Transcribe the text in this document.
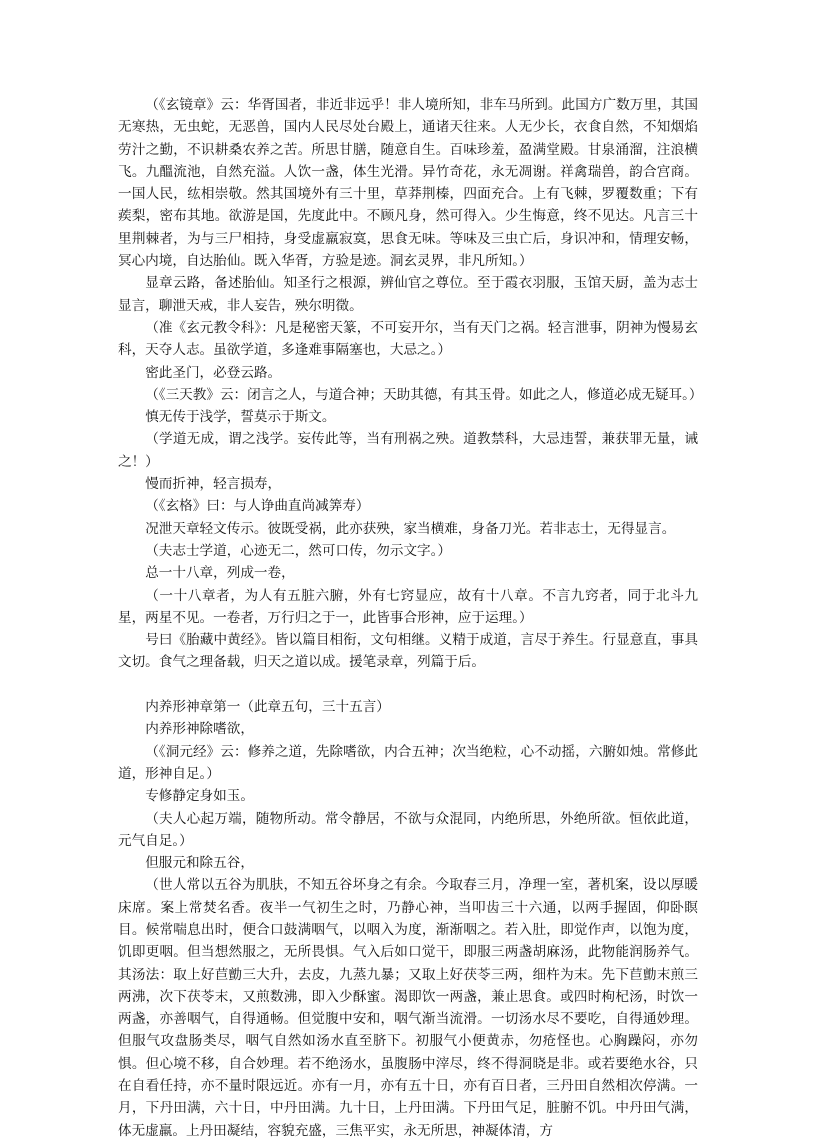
（《玄镜章》云：华胥国者，非近非远乎！非人境所知，非车马所到。此国方广数万里，其国无寒热，无虫蛇，无恶兽，国内人民尽处台殿上，通诸天往来。人无少长，衣食自然，不知烟焰劳汁之勤，不识耕桑农养之苦。所思甘膳，随意自生。百味珍羞，盈满堂殿。甘泉涌溜，注浪横飞。九醞流池，自然充溢。人饮一盏，体生光滑。异竹奇花，永无凋谢。祥禽瑞兽，韵合宫商。一国人民，纮相崇敬。然其国境外有三十里，草莽荆榛，四面充合。上有飞棘，罗覆数重；下有蒺梨，密布其地。欲游是国，先度此中。不顾凡身，然可得入。少生悔意，终不见达。凡言三十里荆棘者，为与三尸相持，身受虚羸寂寞，思食无味。等味及三虫亡后，身识冲和，情理安畅，冥心内境，自达胎仙。既入华胥，方验是迹。洞玄灵界，非凡所知。）

显章云路，备述胎仙。知圣行之根源，辨仙官之尊位。至于霞衣羽服，玉馆天厨，盖为志士显言，聊泄天戒，非人妄告，殃尔明徵。

（准《玄元教令科》：凡是秘密天篆，不可妄开尔，当有天门之祸。轻言泄事，阴神为慢易玄科，天夺人志。虽欲学道，多逢难事隔塞也，大忌之。）

密此圣门，必登云路。

（《三天教》云：闭言之人，与道合神；天助其德，有其玉骨。如此之人，修道必成无疑耳。）

慎无传于浅学，誓莫示于斯文。

（学道无成，谓之浅学。妄传此等，当有刑祸之殃。道教禁科，大忌违誓，兼获罪无量，诫之！）

慢而折神，轻言损寿，

（《玄格》曰：与人诤曲直尚减筭寿）

况泄天章轻文传示。彼既受祸，此亦获殃，家当横难，身备刀光。若非志士，无得显言。

（夫志士学道，心迹无二，然可口传，勿示文字。）

总一十八章，列成一卷，

（一十八章者，为人有五脏六腑，外有七窍显应，故有十八章。不言九窍者，同于北斗九星，两星不见。一卷者，万行归之于一，此皆事合形神，应于运理。）

号曰《胎藏中黄经》。皆以篇目相衔，文句相继。义精于成道，言尽于养生。行显意直，事具文切。食气之理备载，归天之道以成。援笔录章，列篇于后。

内养形神章第一（此章五句，三十五言）

内养形神除嗜欲，

（《洞元经》云：修养之道，先除嗜欲，内合五神；次当绝粒，心不动摇，六腑如烛。常修此道，形神自足。）

专修静定身如玉。

（夫人心起万端，随物所动。常令静居，不欲与众混同，内绝所思，外绝所欲。恒依此道，元气自足。）

但服元和除五谷，

（世人常以五谷为肌肤，不知五谷坏身之有余。今取春三月，净理一室，著机案，设以厚暖床席。案上常焚名香。夜半一气初生之时，乃静心神，当叩齿三十六通，以两手握固，仰卧瞑目。候常喘息出时，便合口鼓满咽气，以咽入为度，渐渐咽之。若入肚，即觉作声，以饱为度，饥即更咽。但当想然服之，无所畏惧。气入后如口觉干，即服三两盏胡麻汤，此物能润肠养气。其汤法：取上好苣勯三大升，去皮，九蒸九暴；又取上好茯苓三两，细杵为末。先下苣勯末煎三两沸，次下茯苓末，又煎数沸，即入少酥蜜。渴即饮一两盏，兼止思食。或四时枸杞汤，时饮一两盏，亦善咽气，自得通畅。但觉腹中安和，咽气渐当流滑。一切汤水尽不要吃，自得通妙理。但服气攻盘肠类尽，咽气自然如汤水直至脐下。初服气小便黄赤，勿疮怪也。心胸躁闷，亦勿惧。但心境不移，自合妙理。若不绝汤水，虽腹肠中滓尽，终不得洞晓是非。或若要绝水谷，只在自看任持，亦不量时限远近。亦有一月，亦有五十日，亦有百日者，三丹田自然相次停满。一月，下丹田满，六十日，中丹田满。九十日，上丹田满。下丹田气足，脏腑不饥。中丹田气满，体无虚羸。上丹田凝结，容貌充盛，三焦平实，永无所思，神凝体清，方
